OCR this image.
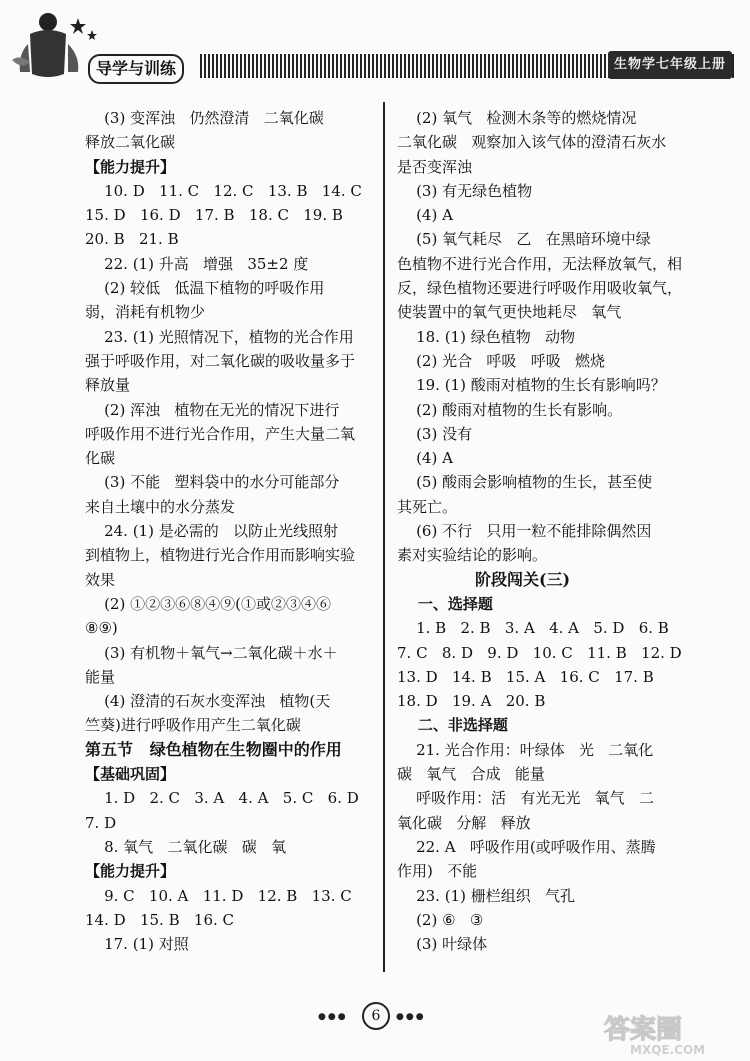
导学与训练	生物学七年级上册
(3) 变浑浊   仍然澄清   二氧化碳
释放二氧化碳
【能力提升】
10. D   11. C   12. C   13. B   14. C
15. D   16. D   17. B   18. C   19. B
20. B   21. B
22. (1) 升高   增强   35±2 度
(2) 较低   低温下植物的呼吸作用
弱，消耗有机物少
23. (1) 光照情况下，植物的光合作用
强于呼吸作用，对二氧化碳的吸收量多于
释放量
(2) 浑浊   植物在无光的情况下进行
呼吸作用不进行光合作用，产生大量二氧
化碳
(3) 不能   塑料袋中的水分可能部分
来自土壤中的水分蒸发
24. (1) 是必需的   以防止光线照射
到植物上，植物进行光合作用而影响实验
效果
(2) ①②③⑥⑧④⑨(①或②③④⑥
⑧⑨)
(3) 有机物＋氧气→二氧化碳＋水＋
能量
(4) 澄清的石灰水变浑浊   植物(天
竺葵)进行呼吸作用产生二氧化碳
第五节   绿色植物在生物圈中的作用
【基础巩固】
1. D   2. C   3. A   4. A   5. C   6. D
7. D
8. 氧气   二氧化碳   碳   氧
【能力提升】
9. C   10. A   11. D   12. B   13. C
14. D   15. B   16. C
17. (1) 对照
(2) 氧气   检测木条等的燃烧情况
二氧化碳   观察加入该气体的澄清石灰水
是否变浑浊
(3) 有无绿色植物
(4) A
(5) 氧气耗尽   乙   在黑暗环境中绿
色植物不进行光合作用，无法释放氧气，相
反，绿色植物还要进行呼吸作用吸收氧气，
使装置中的氧气更快地耗尽   氧气
18. (1) 绿色植物   动物
(2) 光合   呼吸   呼吸   燃烧
19. (1) 酸雨对植物的生长有影响吗？
(2) 酸雨对植物的生长有影响。
(3) 没有
(4) A
(5) 酸雨会影响植物的生长，甚至使
其死亡。
(6) 不行   只用一粒不能排除偶然因
素对实验结论的影响。
阶段闯关(三)
一、选择题
1. B   2. B   3. A   4. A   5. D   6. B
7. C   8. D   9. D   10. C   11. B   12. D
13. D   14. B   15. A   16. C   17. B
18. D   19. A   20. B
二、非选择题
21. 光合作用：叶绿体   光   二氧化
碳   氧气   合成   能量
呼吸作用：活   有光无光   氧气   二
氧化碳   分解   释放
22. A   呼吸作用(或呼吸作用、蒸腾
作用)   不能
23. (1) 栅栏组织   气孔
(2) ⑥   ③
(3) 叶绿体
●●●	6	●●●	答案圈
MXQE.COM
